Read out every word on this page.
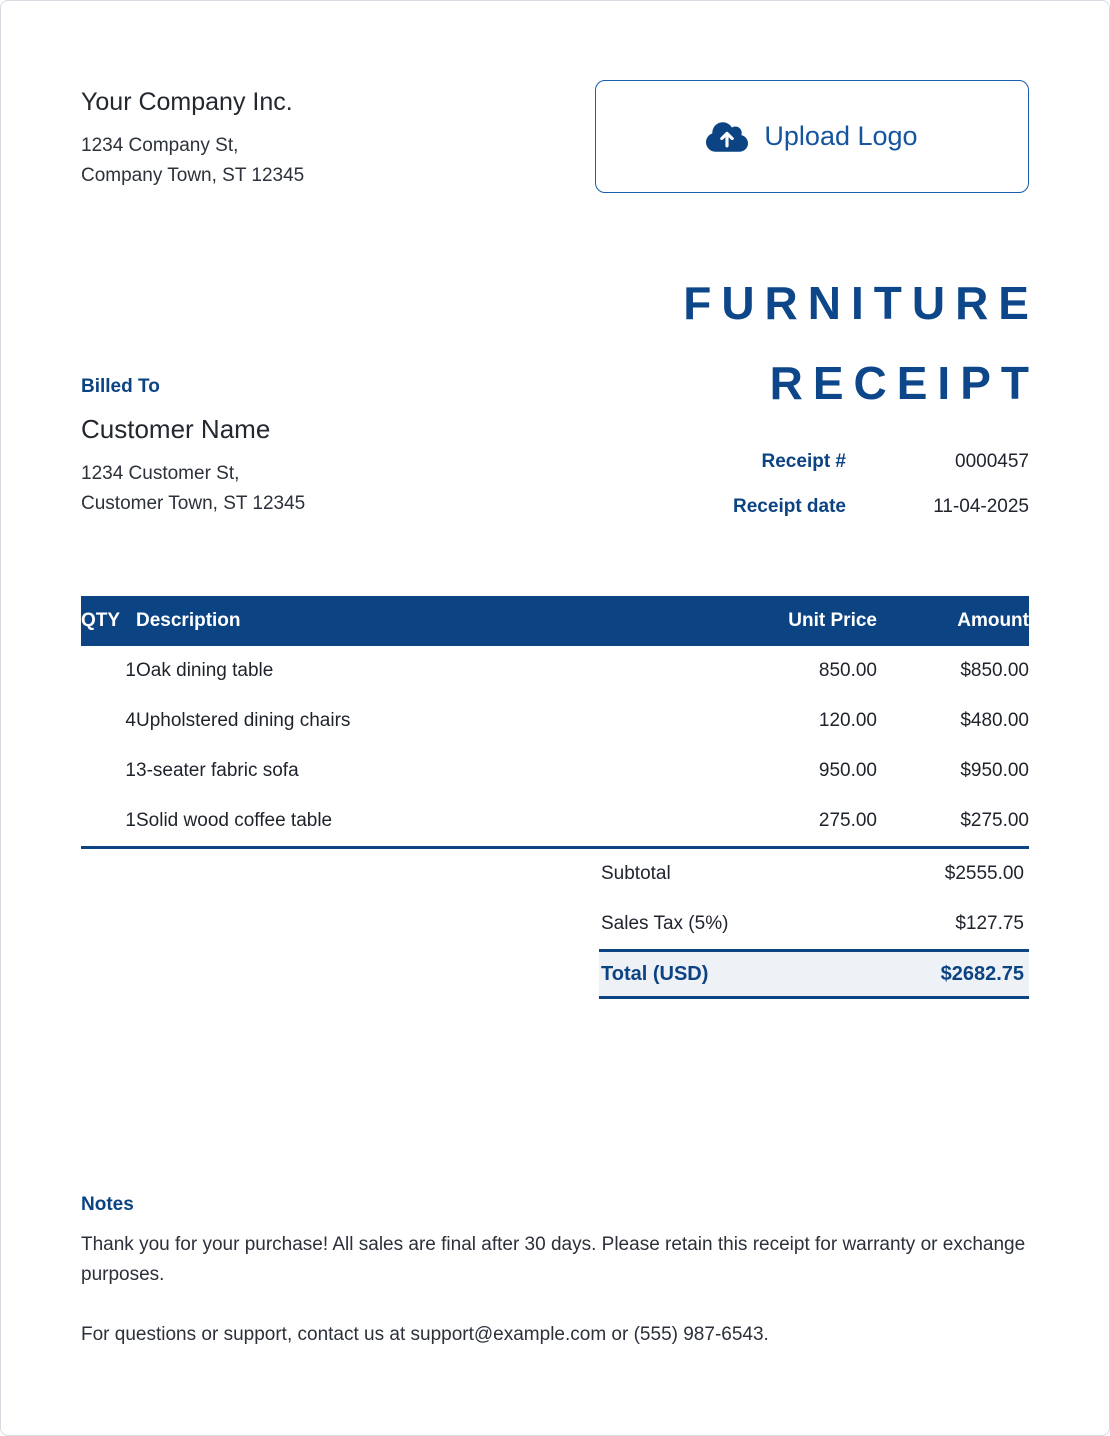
Your Company Inc.
1234 Company St,
Company Town, ST 12345
Upload Logo
Billed To
Customer Name
1234 Customer St,
Customer Town, ST 12345
FURNITURE
RECEIPT
Receipt #	0000457
Receipt date	11-04-2025
QTY	Description	Unit Price	Amount
1	Oak dining table	850.00	$850.00
4	Upholstered dining chairs	120.00	$480.00
1	3-seater fabric sofa	950.00	$950.00
1	Solid wood coffee table	275.00	$275.00
Subtotal	$2555.00
Sales Tax (5%)	$127.75
Total (USD)	$2682.75
Notes
Thank you for your purchase! All sales are final after 30 days. Please retain this receipt for warranty or exchange purposes.
For questions or support, contact us at support@example.com or (555) 987-6543.
